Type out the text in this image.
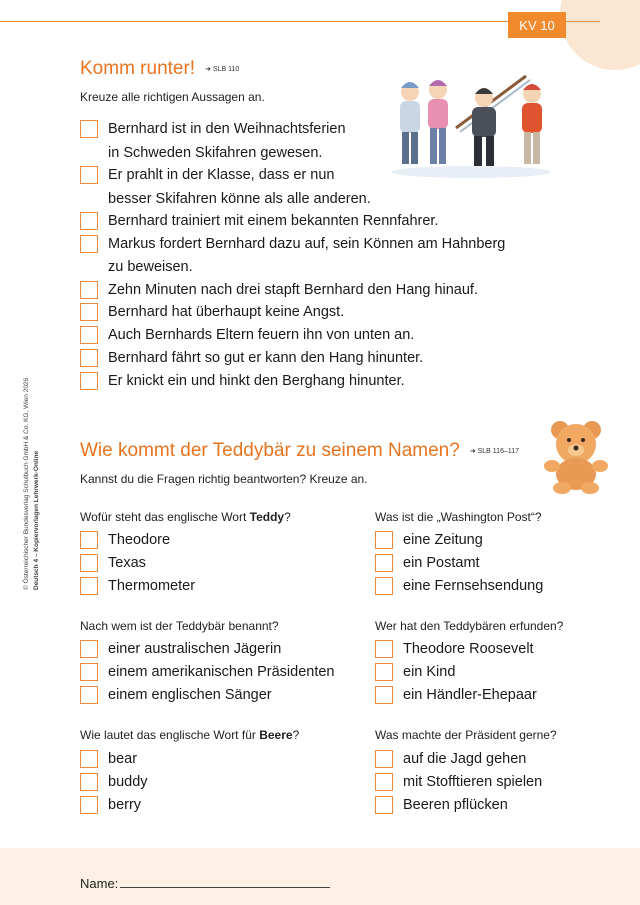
KV 10
© Österreichischer Bundesverlag Schulbuch GmbH & Co. KG, Wien 2026 Deutsch 4 – Kopiervorlagen Lehrwerk-Online
Komm runter! ➜ SLB 110
Kreuze alle richtigen Aussagen an.
Bernhard ist in den Weihnachtsferien
in Schweden Skifahren gewesen.
Er prahlt in der Klasse, dass er nun
besser Skifahren könne als alle anderen.
Bernhard trainiert mit einem bekannten Rennfahrer.
Markus fordert Bernhard dazu auf, sein Können am Hahnberg
zu beweisen.
Zehn Minuten nach drei stapft Bernhard den Hang hinauf.
Bernhard hat überhaupt keine Angst.
Auch Bernhards Eltern feuern ihn von unten an.
Bernhard fährt so gut er kann den Hang hinunter.
Er knickt ein und hinkt den Berghang hinunter.
Wie kommt der Teddybär zu seinem Namen? ➜ SLB 116–117
Kannst du die Fragen richtig beantworten? Kreuze an.
Wofür steht das englische Wort Teddy?
Theodore
Texas
Thermometer
Was ist die „Washington Post“?
eine Zeitung
ein Postamt
eine Fernsehsendung
Nach wem ist der Teddybär benannt?
einer australischen Jägerin
einem amerikanischen Präsidenten
einem englischen Sänger
Wer hat den Teddybären erfunden?
Theodore Roosevelt
ein Kind
ein Händler-Ehepaar
Wie lautet das englische Wort für Beere?
bear
buddy
berry
Was machte der Präsident gerne?
auf die Jagd gehen
mit Stofftieren spielen
Beeren pflücken
Name:
